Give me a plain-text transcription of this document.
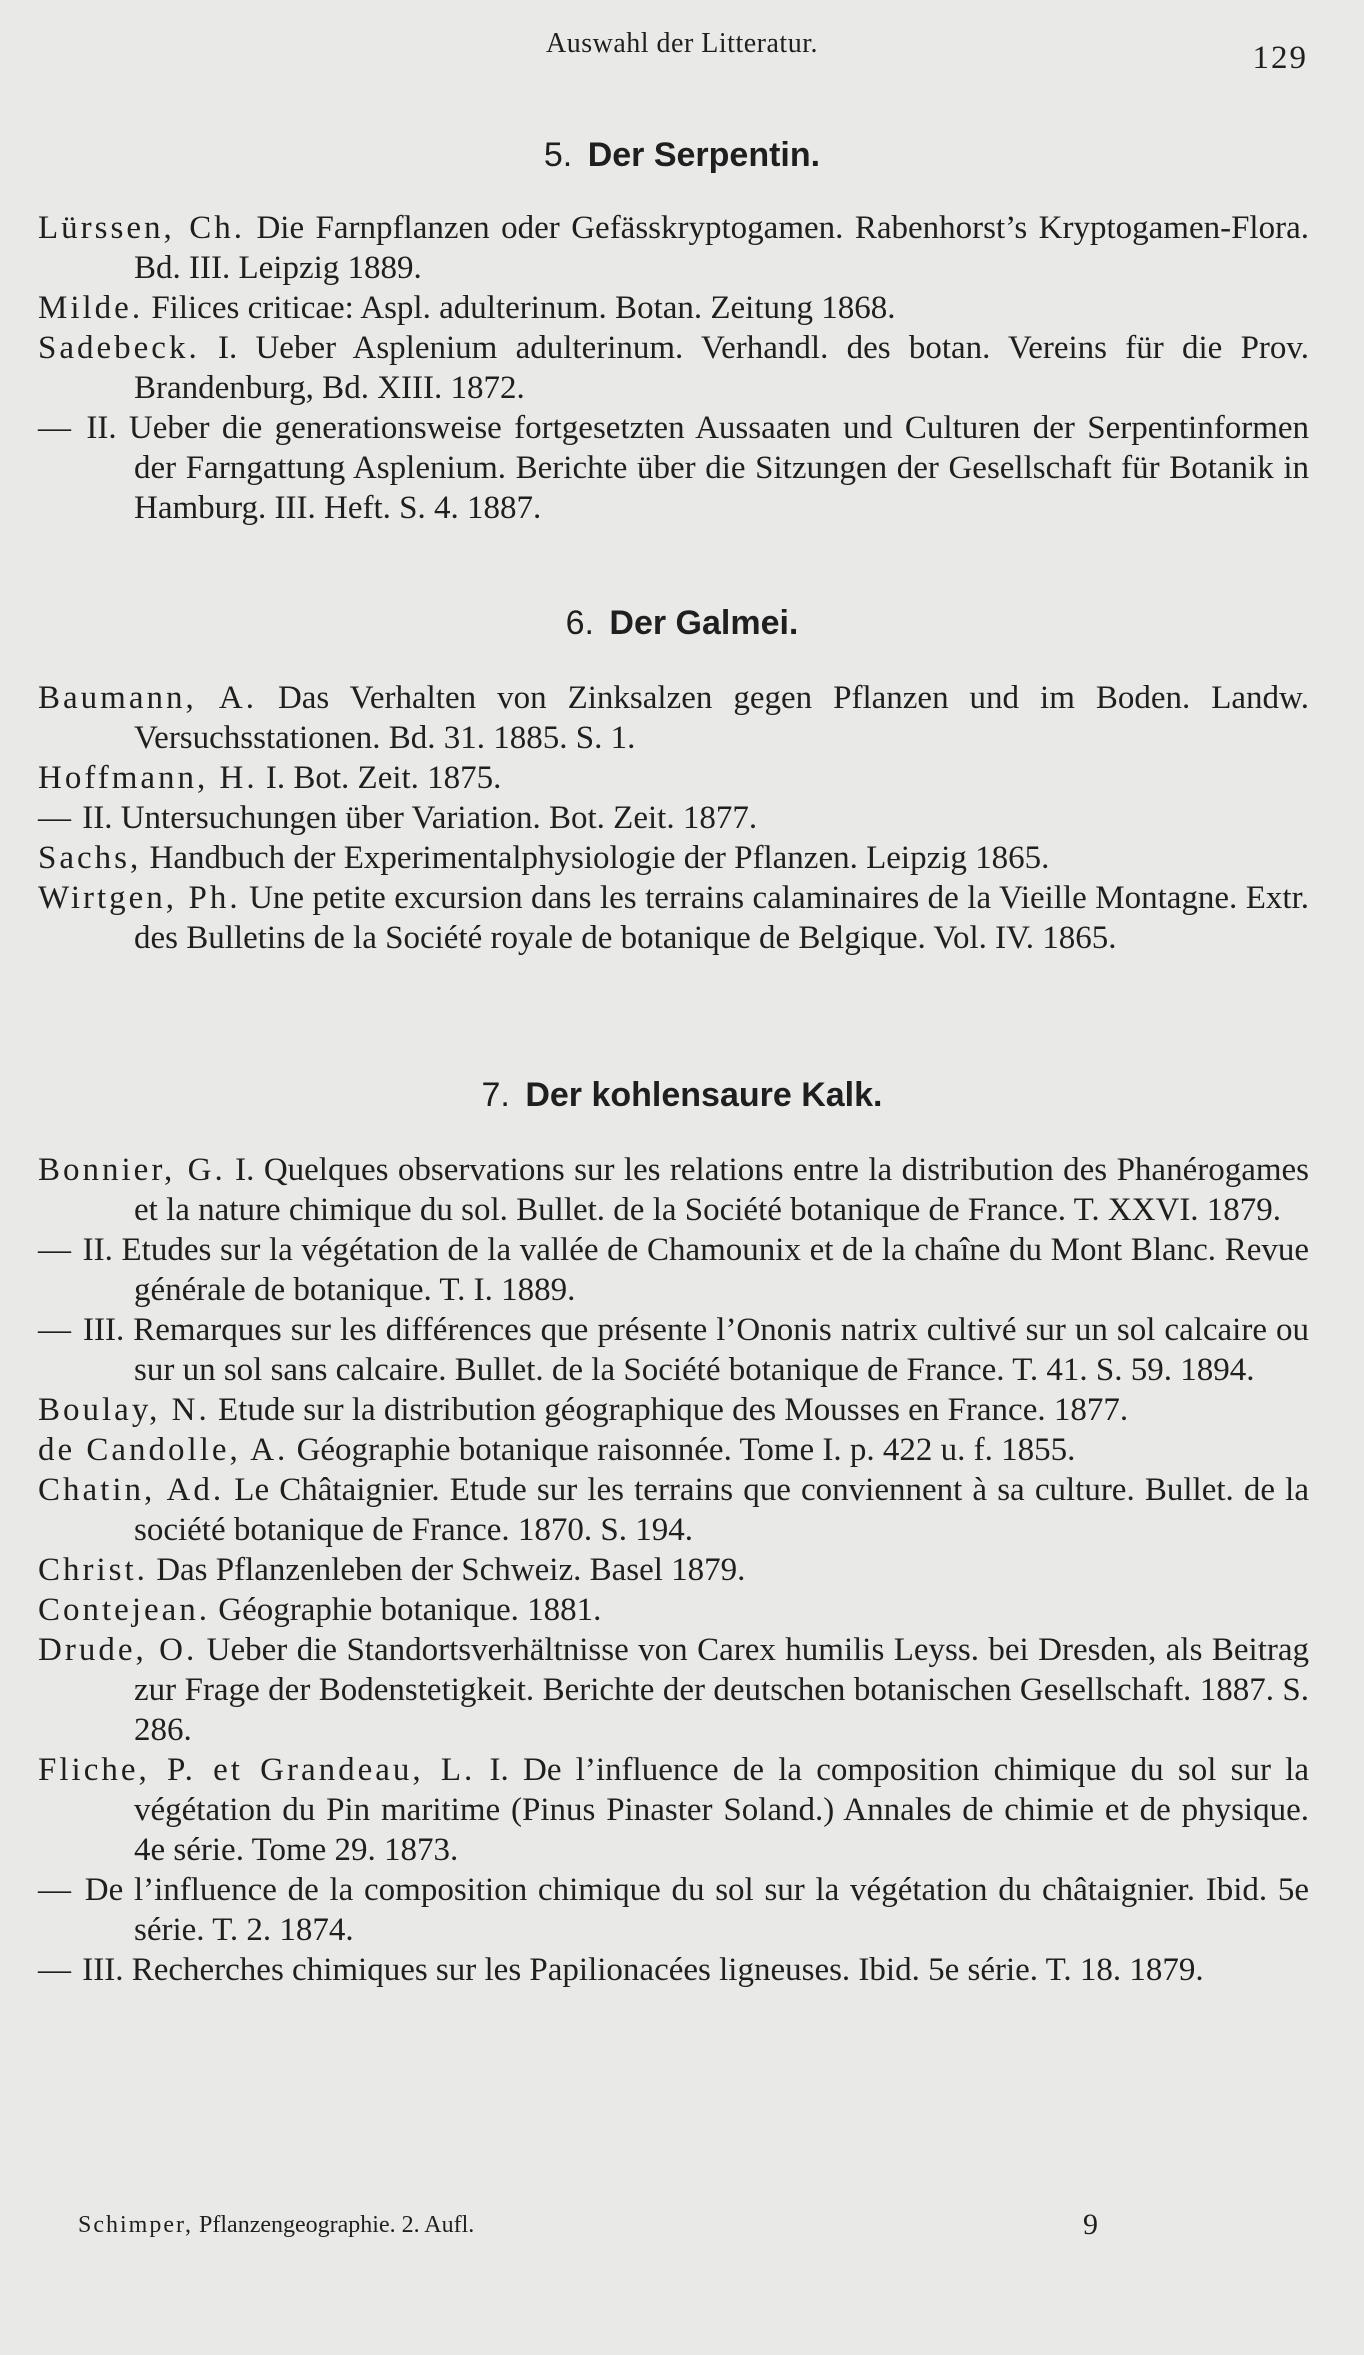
Auswahl der Litteratur.	129
5. Der Serpentin.
Lürssen, Ch. Die Farnpflanzen oder Gefässkryptogamen. Rabenhorst’s Kryptogamen-Flora. Bd. III. Leipzig 1889.
Milde. Filices criticae: Aspl. adulterinum. Botan. Zeitung 1868.
Sadebeck. I. Ueber Asplenium adulterinum. Verhandl. des botan. Vereins für die Prov. Brandenburg, Bd. XIII. 1872.
— II. Ueber die generationsweise fortgesetzten Aussaaten und Culturen der Serpentinformen der Farngattung Asplenium. Berichte über die Sitzungen der Gesellschaft für Botanik in Hamburg. III. Heft. S. 4. 1887.
6. Der Galmei.
Baumann, A. Das Verhalten von Zinksalzen gegen Pflanzen und im Boden. Landw. Versuchsstationen. Bd. 31. 1885. S. 1.
Hoffmann, H. I. Bot. Zeit. 1875.
— II. Untersuchungen über Variation. Bot. Zeit. 1877.
Sachs, Handbuch der Experimentalphysiologie der Pflanzen. Leipzig 1865.
Wirtgen, Ph. Une petite excursion dans les terrains calaminaires de la Vieille Montagne. Extr. des Bulletins de la Société royale de botanique de Belgique. Vol. IV. 1865.
7. Der kohlensaure Kalk.
Bonnier, G. I. Quelques observations sur les relations entre la distribution des Phanérogames et la nature chimique du sol. Bullet. de la Société botanique de France. T. XXVI. 1879.
— II. Etudes sur la végétation de la vallée de Chamounix et de la chaîne du Mont Blanc. Revue générale de botanique. T. I. 1889.
— III. Remarques sur les différences que présente l’Ononis natrix cultivé sur un sol calcaire ou sur un sol sans calcaire. Bullet. de la Société botanique de France. T. 41. S. 59. 1894.
Boulay, N. Etude sur la distribution géographique des Mousses en France. 1877.
de Candolle, A. Géographie botanique raisonnée. Tome I. p. 422 u. f. 1855.
Chatin, Ad. Le Châtaignier. Etude sur les terrains que conviennent à sa culture. Bullet. de la société botanique de France. 1870. S. 194.
Christ. Das Pflanzenleben der Schweiz. Basel 1879.
Contejean. Géographie botanique. 1881.
Drude, O. Ueber die Standortsverhältnisse von Carex humilis Leyss. bei Dresden, als Beitrag zur Frage der Bodenstetigkeit. Berichte der deutschen botanischen Gesellschaft. 1887. S. 286.
Fliche, P. et Grandeau, L. I. De l’influence de la composition chimique du sol sur la végétation du Pin maritime (Pinus Pinaster Soland.) Annales de chimie et de physique. 4e série. Tome 29. 1873.
— De l’influence de la composition chimique du sol sur la végétation du châtaignier. Ibid. 5e série. T. 2. 1874.
— III. Recherches chimiques sur les Papilionacées ligneuses. Ibid. 5e série. T. 18. 1879.
Schimper, Pflanzengeographie. 2. Aufl.	9
